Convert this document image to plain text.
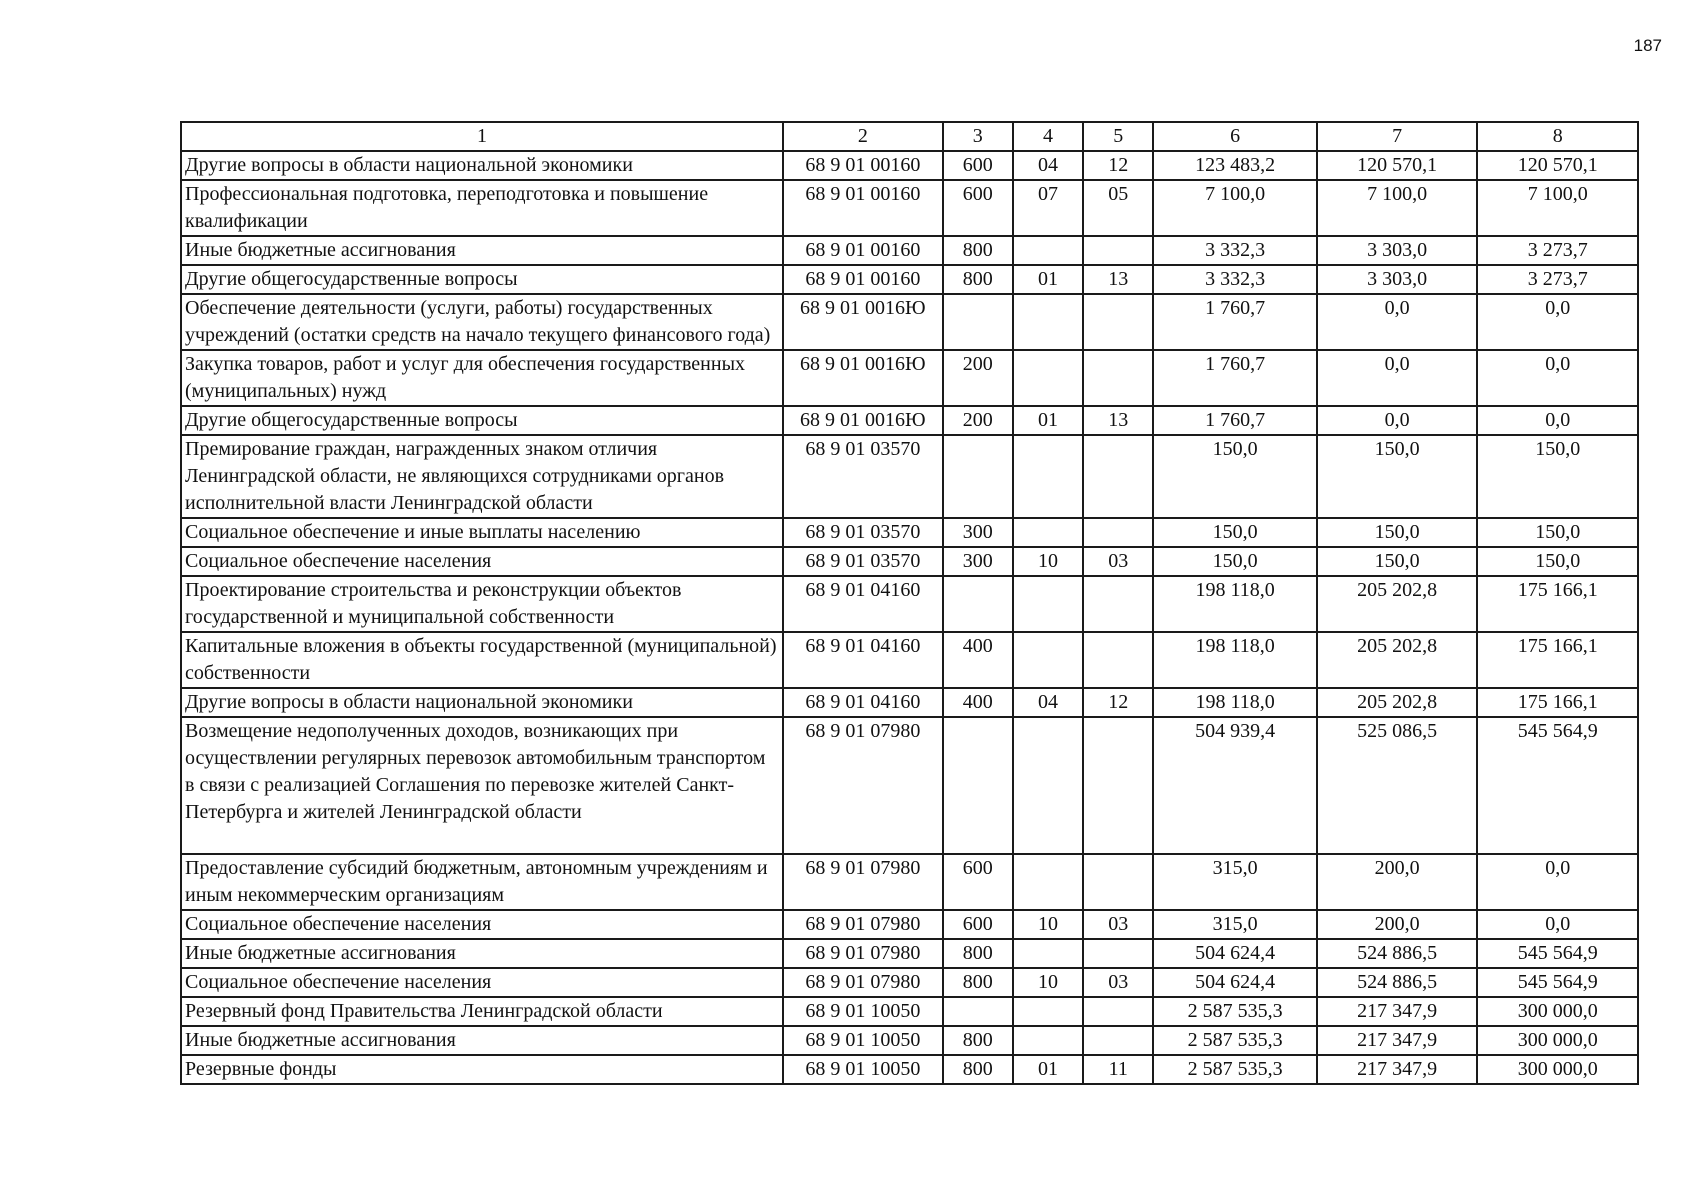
187
1	2	3	4	5	6	7	8
Другие вопросы в области национальной экономики	68 9 01 00160	600	04	12	123 483,2	120 570,1	120 570,1
Профессиональная подготовка, переподготовка и повышение квалификации	68 9 01 00160	600	07	05	7 100,0	7 100,0	7 100,0
Иные бюджетные ассигнования	68 9 01 00160	800			3 332,3	3 303,0	3 273,7
Другие общегосударственные вопросы	68 9 01 00160	800	01	13	3 332,3	3 303,0	3 273,7
Обеспечение деятельности (услуги, работы) государственных учреждений (остатки средств на начало текущего финансового года)	68 9 01 0016Ю				1 760,7	0,0	0,0
Закупка товаров, работ и услуг для обеспечения государственных (муниципальных) нужд	68 9 01 0016Ю	200			1 760,7	0,0	0,0
Другие общегосударственные вопросы	68 9 01 0016Ю	200	01	13	1 760,7	0,0	0,0
Премирование граждан, награжденных знаком отличия Ленинградской области, не являющихся сотрудниками органов исполнительной власти Ленинградской области	68 9 01 03570				150,0	150,0	150,0
Социальное обеспечение и иные выплаты населению	68 9 01 03570	300			150,0	150,0	150,0
Социальное обеспечение населения	68 9 01 03570	300	10	03	150,0	150,0	150,0
Проектирование строительства и реконструкции объектов государственной и муниципальной собственности	68 9 01 04160				198 118,0	205 202,8	175 166,1
Капитальные вложения в объекты государственной (муниципальной) собственности	68 9 01 04160	400			198 118,0	205 202,8	175 166,1
Другие вопросы в области национальной экономики	68 9 01 04160	400	04	12	198 118,0	205 202,8	175 166,1
Возмещение недополученных доходов, возникающих при осуществлении регулярных перевозок автомобильным транспортом в связи с реализацией Соглашения по перевозке жителей Санкт-Петербурга и жителей Ленинградской области	68 9 01 07980				504 939,4	525 086,5	545 564,9
Предоставление субсидий бюджетным, автономным учреждениям и иным некоммерческим организациям	68 9 01 07980	600			315,0	200,0	0,0
Социальное обеспечение населения	68 9 01 07980	600	10	03	315,0	200,0	0,0
Иные бюджетные ассигнования	68 9 01 07980	800			504 624,4	524 886,5	545 564,9
Социальное обеспечение населения	68 9 01 07980	800	10	03	504 624,4	524 886,5	545 564,9
Резервный фонд Правительства Ленинградской области	68 9 01 10050				2 587 535,3	217 347,9	300 000,0
Иные бюджетные ассигнования	68 9 01 10050	800			2 587 535,3	217 347,9	300 000,0
Резервные фонды	68 9 01 10050	800	01	11	2 587 535,3	217 347,9	300 000,0
